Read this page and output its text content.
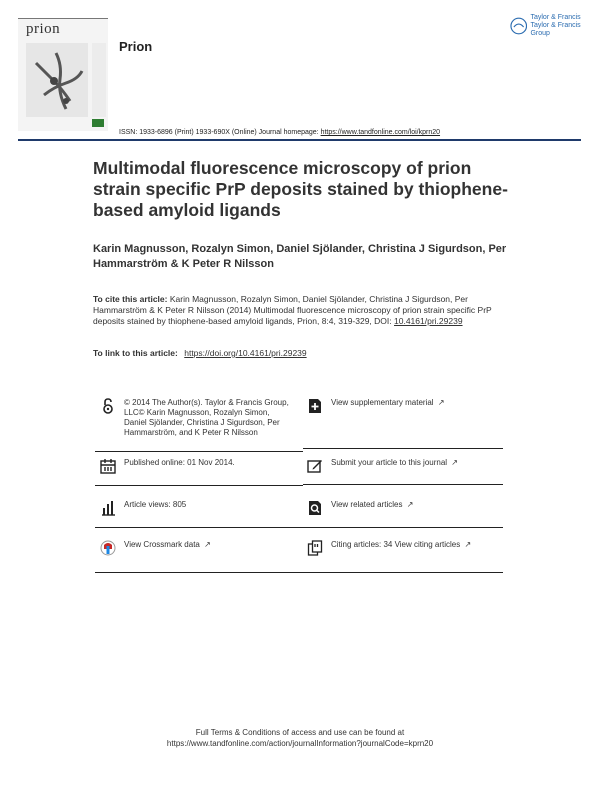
prion
Prion
Taylor & Francis
Taylor & Francis Group
ISSN: 1933-6896 (Print) 1933-690X (Online) Journal homepage: https://www.tandfonline.com/loi/kprn20
Multimodal fluorescence microscopy of prion strain specific PrP deposits stained by thiophene-based amyloid ligands
Karin Magnusson, Rozalyn Simon, Daniel Sjölander, Christina J Sigurdson, Per Hammarström & K Peter R Nilsson
To cite this article: Karin Magnusson, Rozalyn Simon, Daniel Sjölander, Christina J Sigurdson, Per Hammarström & K Peter R Nilsson (2014) Multimodal fluorescence microscopy of prion strain specific PrP deposits stained by thiophene-based amyloid ligands, Prion, 8:4, 319-329, DOI: 10.4161/pri.29239
To link to this article: https://doi.org/10.4161/pri.29239
© 2014 The Author(s). Taylor & Francis Group, LLC© Karin Magnusson, Rozalyn Simon, Daniel Sjölander, Christina J Sigurdson, Per Hammarström, and K Peter R Nilsson
View supplementary material ↗
Published online: 01 Nov 2014.	Submit your article to this journal ↗
Article views: 805	View related articles ↗
View Crossmark data ↗	Citing articles: 34 View citing articles ↗
Full Terms & Conditions of access and use can be found at
https://www.tandfonline.com/action/journalInformation?journalCode=kprn20
